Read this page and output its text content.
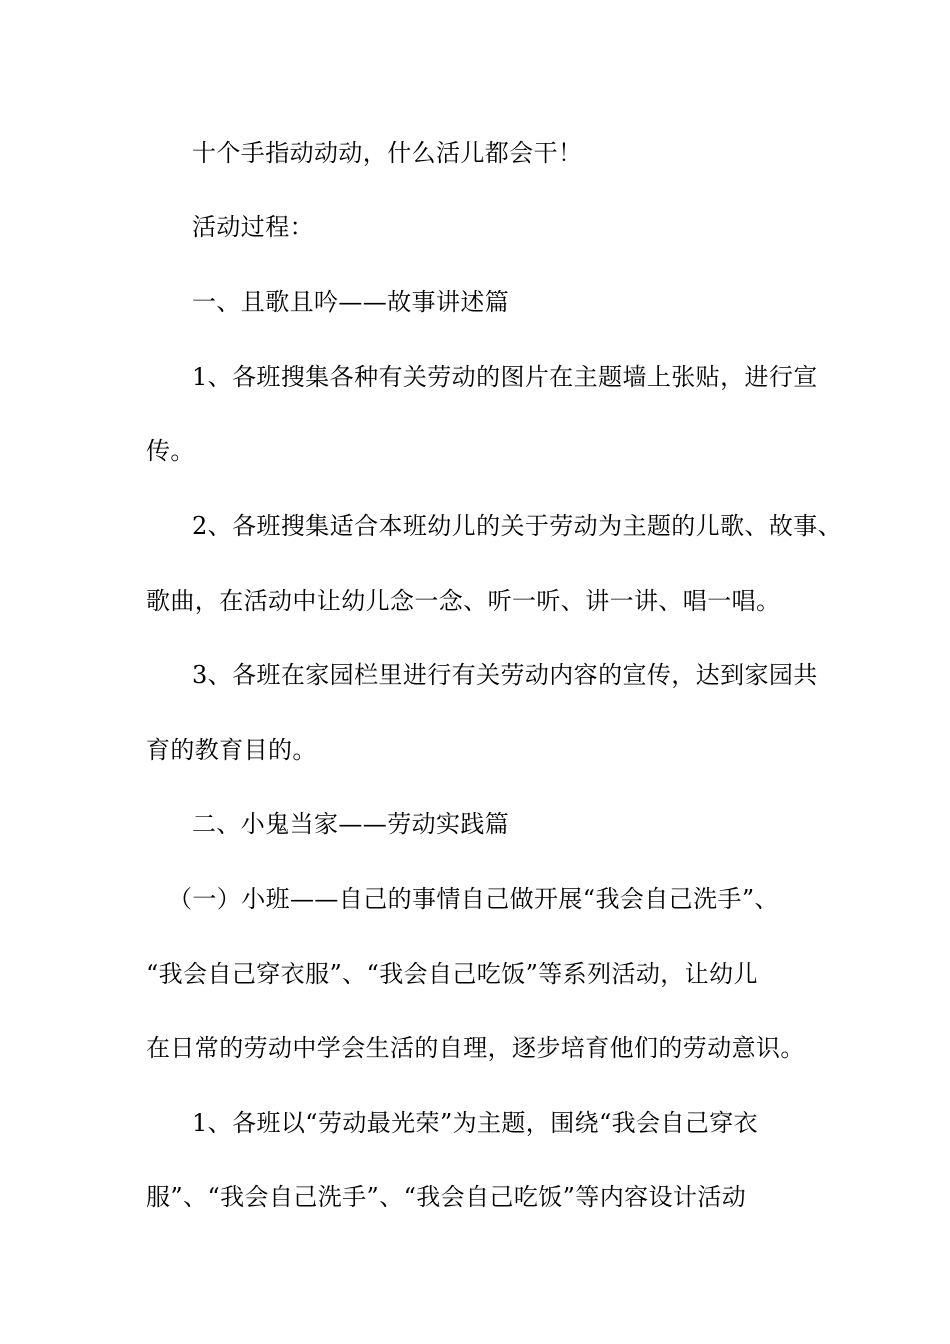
十个手指动动动，什么活儿都会干！
活动过程：
一、且歌且吟——故事讲述篇
1、各班搜集各种有关劳动的图片在主题墙上张贴，进行宣
传。
2、各班搜集适合本班幼儿的关于劳动为主题的儿歌、故事、
歌曲，在活动中让幼儿念一念、听一听、讲一讲、唱一唱。
3、各班在家园栏里进行有关劳动内容的宣传，达到家园共
育的教育目的。
二、小鬼当家——劳动实践篇
（一）小班——自己的事情自己做开展“我会自己洗手”、
“我会自己穿衣服”、“我会自己吃饭”等系列活动，让幼儿
在日常的劳动中学会生活的自理，逐步培育他们的劳动意识。
1、各班以“劳动最光荣”为主题，围绕“我会自己穿衣
服”、“我会自己洗手”、“我会自己吃饭”等内容设计活动
